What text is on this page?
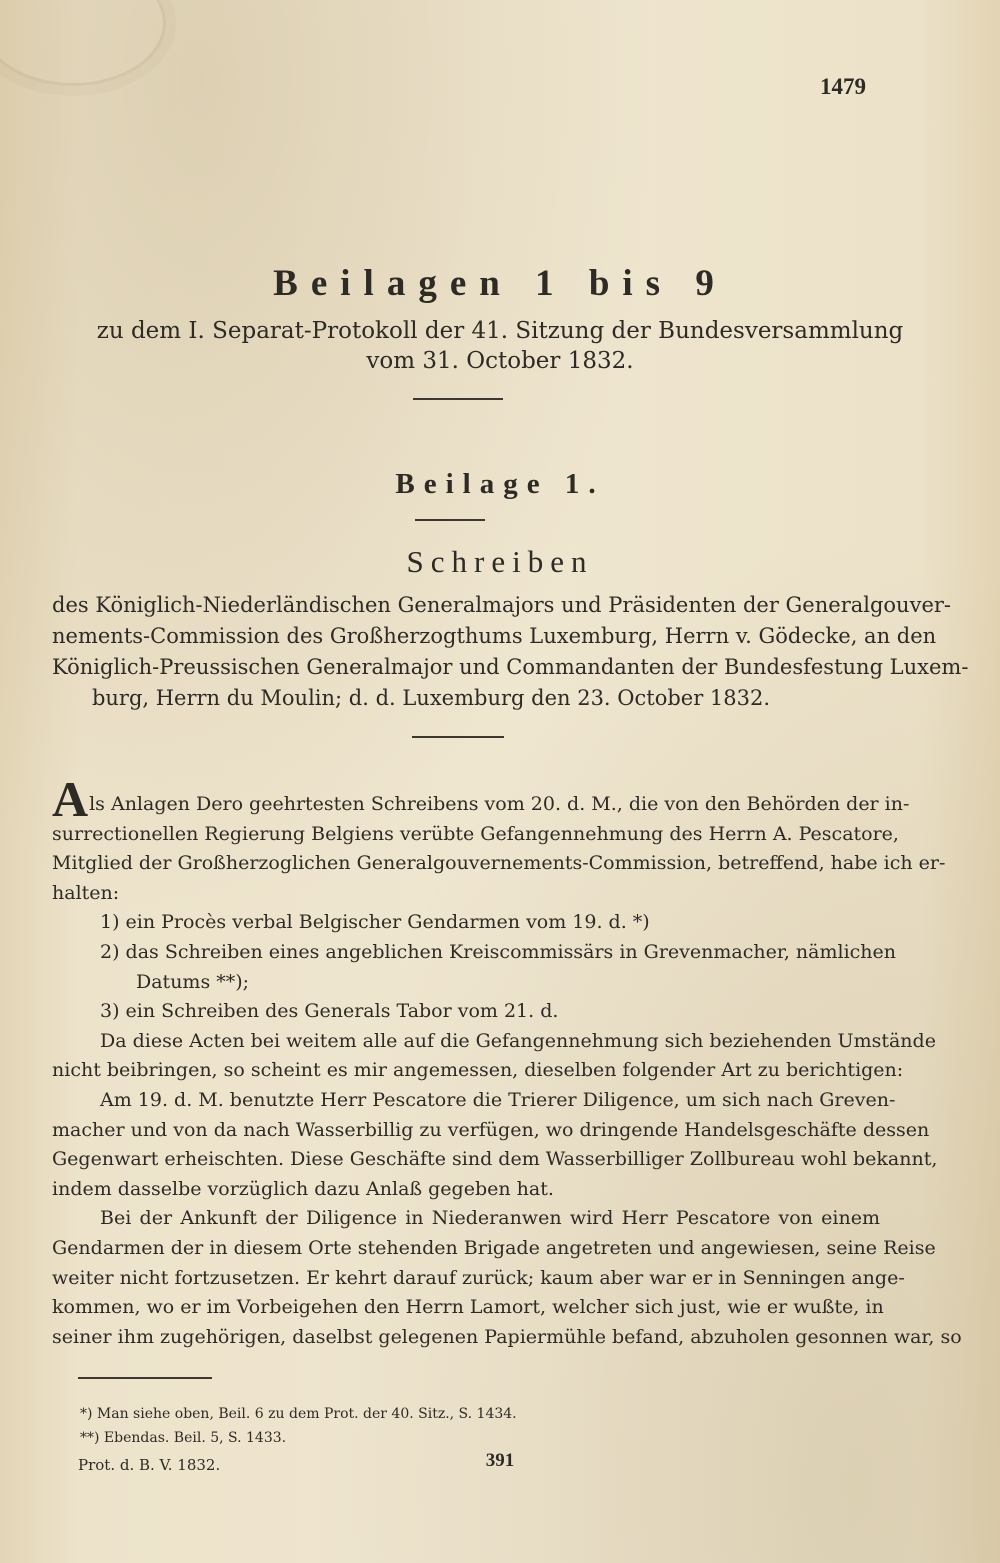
1479
Beilagen 1 bis 9
zu dem I. Separat-Protokoll der 41. Sitzung der Bundesversammlung
vom 31. October 1832.
Beilage 1.
Schreiben
des Königlich-Niederländischen Generalmajors und Präsidenten der Generalgouver-
nements-Commission des Großherzogthums Luxemburg, Herrn v. Gödecke, an den
Königlich-Preussischen Generalmajor und Commandanten der Bundesfestung Luxem-
burg, Herrn du Moulin; d. d. Luxemburg den 23. October 1832.

Als Anlagen Dero geehrtesten Schreibens vom 20. d. M., die von den Behörden der in-
surrectionellen Regierung Belgiens verübte Gefangennehmung des Herrn A. Pescatore,
Mitglied der Großherzoglichen Generalgouvernements-Commission, betreffend, habe ich er-
halten:

1) ein Procès verbal Belgischer Gendarmen vom 19. d. *)
2) das Schreiben eines angeblichen Kreiscommissärs in Grevenmacher, nämlichen
Datums **);
3) ein Schreiben des Generals Tabor vom 21. d.

Da diese Acten bei weitem alle auf die Gefangennehmung sich beziehenden Umstände
nicht beibringen, so scheint es mir angemessen, dieselben folgender Art zu berichtigen:

Am 19. d. M. benutzte Herr Pescatore die Trierer Diligence, um sich nach Greven-
macher und von da nach Wasserbillig zu verfügen, wo dringende Handelsgeschäfte dessen
Gegenwart erheischten. Diese Geschäfte sind dem Wasserbilliger Zollbureau wohl bekannt,
indem dasselbe vorzüglich dazu Anlaß gegeben hat.

Bei der Ankunft der Diligence in Niederanwen wird Herr Pescatore von einem
Gendarmen der in diesem Orte stehenden Brigade angetreten und angewiesen, seine Reise
weiter nicht fortzusetzen. Er kehrt darauf zurück; kaum aber war er in Senningen ange-
kommen, wo er im Vorbeigehen den Herrn Lamort, welcher sich just, wie er wußte, in
seiner ihm zugehörigen, daselbst gelegenen Papiermühle befand, abzuholen gesonnen war, so

*) Man siehe oben, Beil. 6 zu dem Prot. der 40. Sitz., S. 1434.
**) Ebendas. Beil. 5, S. 1433.
Prot. d. B. V. 1832.	391
